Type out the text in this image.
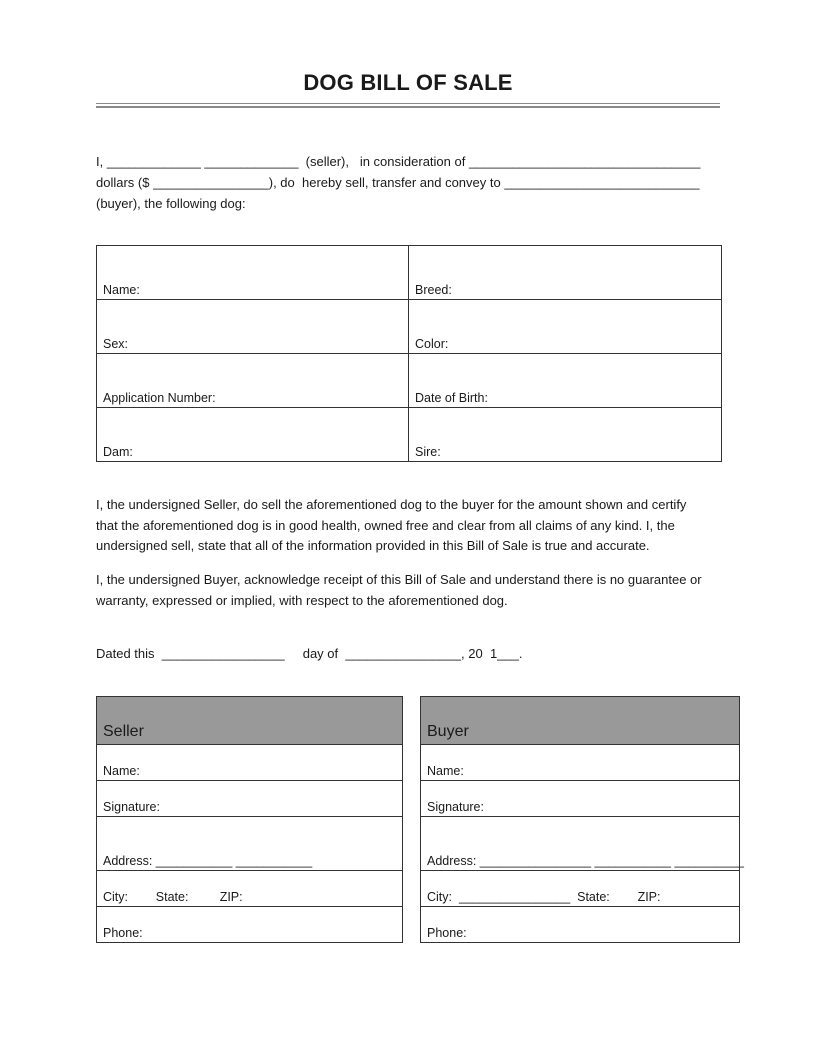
DOG BILL OF SALE
I, _____________ _____________  (seller),   in consideration of ________________________________
dollars ($ ________________), do  hereby sell, transfer and convey to ___________________________
(buyer), the following dog:
Name:	Breed:
Sex:	Color:
Application Number:	Date of Birth:
Dam:	Sire:
I, the undersigned Seller, do sell the aforementioned dog to the buyer for the amount shown and certify
that the aforementioned dog is in good health, owned free and clear from all claims of any kind. I, the
undersigned sell, state that all of the information provided in this Bill of Sale is true and accurate.
I, the undersigned Buyer, acknowledge receipt of this Bill of Sale and understand there is no guarantee or
warranty, expressed or implied, with respect to the aforementioned dog.
Dated this  _________________     day of  ________________, 20  1___.
Seller
Name:
Signature:
Address: ___________ ___________
City:        State:         ZIP:
Phone:
Buyer
Name:
Signature:
Address: ________________ ___________ __________
City:  ________________  State:        ZIP:
Phone:
